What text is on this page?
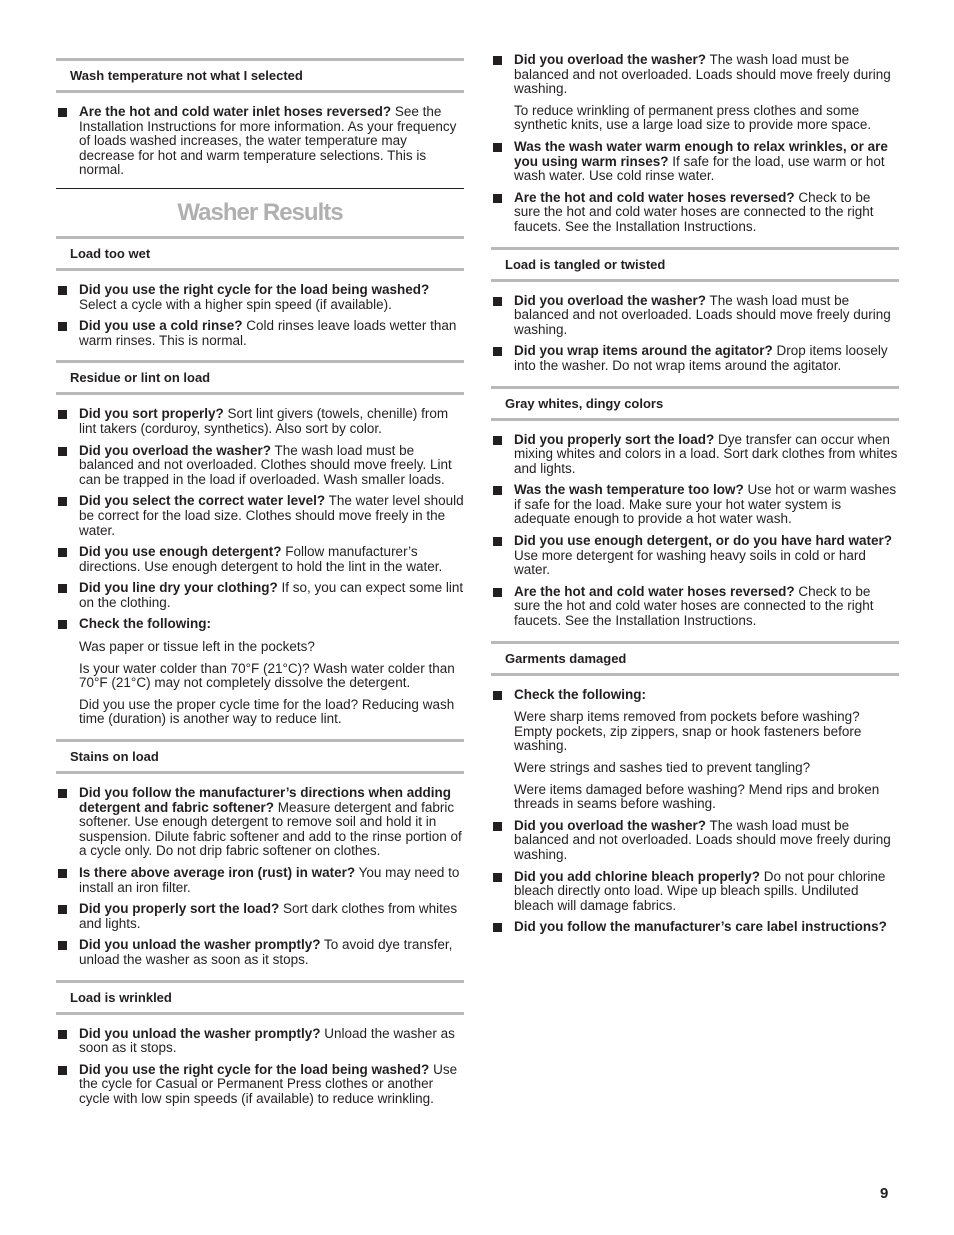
Wash temperature not what I selected
Are the hot and cold water inlet hoses reversed? See the Installation Instructions for more information. As your frequency of loads washed increases, the water temperature may decrease for hot and warm temperature selections. This is normal.
Washer Results
Load too wet
Did you use the right cycle for the load being washed? Select a cycle with a higher spin speed (if available).
Did you use a cold rinse? Cold rinses leave loads wetter than warm rinses. This is normal.
Residue or lint on load
Did you sort properly? Sort lint givers (towels, chenille) from lint takers (corduroy, synthetics). Also sort by color.
Did you overload the washer? The wash load must be balanced and not overloaded. Clothes should move freely. Lint can be trapped in the load if overloaded. Wash smaller loads.
Did you select the correct water level? The water level should be correct for the load size. Clothes should move freely in the water.
Did you use enough detergent? Follow manufacturer’s directions. Use enough detergent to hold the lint in the water.
Did you line dry your clothing? If so, you can expect some lint on the clothing.
Check the following:
Was paper or tissue left in the pockets?
Is your water colder than 70°F (21°C)? Wash water colder than 70°F (21°C) may not completely dissolve the detergent.
Did you use the proper cycle time for the load? Reducing wash time (duration) is another way to reduce lint.
Stains on load
Did you follow the manufacturer’s directions when adding detergent and fabric softener? Measure detergent and fabric softener. Use enough detergent to remove soil and hold it in suspension. Dilute fabric softener and add to the rinse portion of a cycle only. Do not drip fabric softener on clothes.
Is there above average iron (rust) in water? You may need to install an iron filter.
Did you properly sort the load? Sort dark clothes from whites and lights.
Did you unload the washer promptly? To avoid dye transfer, unload the washer as soon as it stops.
Load is wrinkled
Did you unload the washer promptly? Unload the washer as soon as it stops.
Did you use the right cycle for the load being washed? Use the cycle for Casual or Permanent Press clothes or another cycle with low spin speeds (if available) to reduce wrinkling.
Did you overload the washer? The wash load must be balanced and not overloaded. Loads should move freely during washing.
To reduce wrinkling of permanent press clothes and some synthetic knits, use a large load size to provide more space.
Was the wash water warm enough to relax wrinkles, or are you using warm rinses? If safe for the load, use warm or hot wash water. Use cold rinse water.
Are the hot and cold water hoses reversed? Check to be sure the hot and cold water hoses are connected to the right faucets. See the Installation Instructions.
Load is tangled or twisted
Did you overload the washer? The wash load must be balanced and not overloaded. Loads should move freely during washing.
Did you wrap items around the agitator? Drop items loosely into the washer. Do not wrap items around the agitator.
Gray whites, dingy colors
Did you properly sort the load? Dye transfer can occur when mixing whites and colors in a load. Sort dark clothes from whites and lights.
Was the wash temperature too low? Use hot or warm washes if safe for the load. Make sure your hot water system is adequate enough to provide a hot water wash.
Did you use enough detergent, or do you have hard water? Use more detergent for washing heavy soils in cold or hard water.
Are the hot and cold water hoses reversed? Check to be sure the hot and cold water hoses are connected to the right faucets. See the Installation Instructions.
Garments damaged
Check the following:
Were sharp items removed from pockets before washing? Empty pockets, zip zippers, snap or hook fasteners before washing.
Were strings and sashes tied to prevent tangling?
Were items damaged before washing? Mend rips and broken threads in seams before washing.
Did you overload the washer? The wash load must be balanced and not overloaded. Loads should move freely during washing.
Did you add chlorine bleach properly? Do not pour chlorine bleach directly onto load. Wipe up bleach spills. Undiluted bleach will damage fabrics.
Did you follow the manufacturer’s care label instructions?
9
